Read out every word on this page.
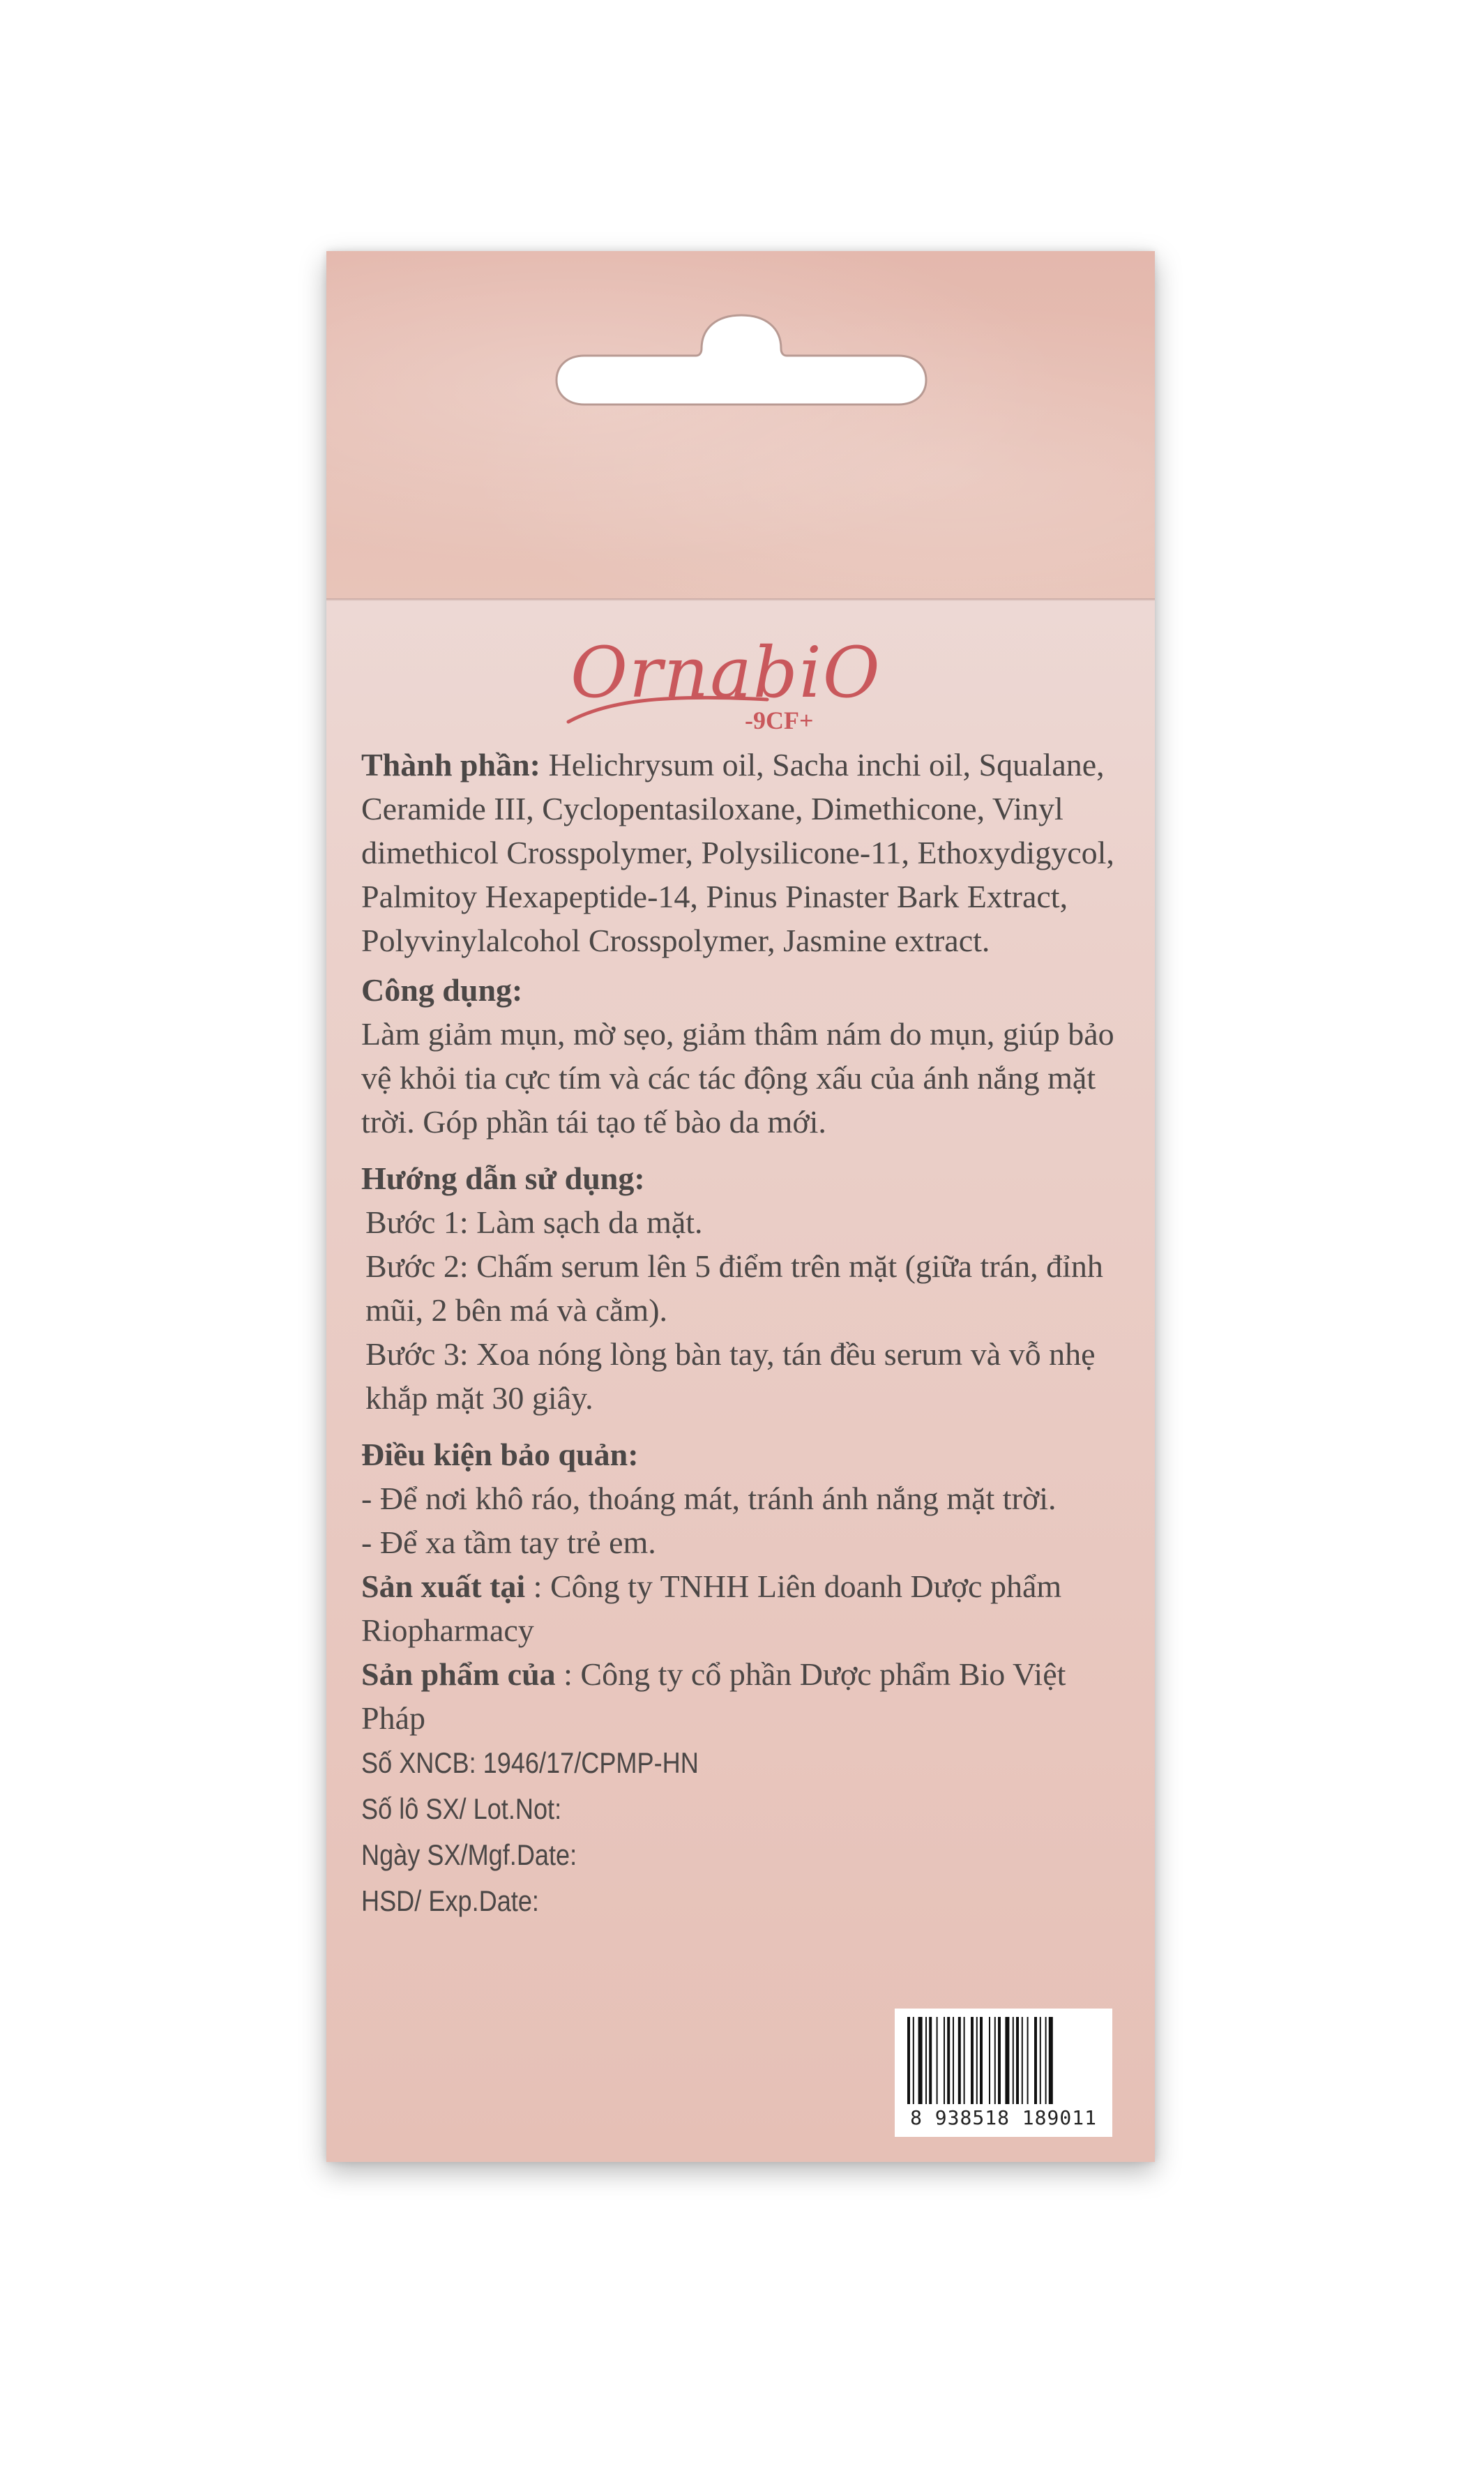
OrnabiO
-9CF+

Thành phần: Helichrysum oil, Sacha inchi oil, Squalane, Ceramide III, Cyclopentasiloxane, Dimethicone, Vinyl dimethicol Crosspolymer, Polysilicone-11, Ethoxydigycol, Palmitoy Hexapeptide-14, Pinus Pinaster Bark Extract, Polyvinylalcohol Crosspolymer, Jasmine extract.

Công dụng:

Làm giảm mụn, mờ sẹo, giảm thâm nám do mụn, giúp bảo vệ khỏi tia cực tím và các tác động xấu của ánh nắng mặt trời. Góp phần tái tạo tế bào da mới.

Hướng dẫn sử dụng:

Bước 1: Làm sạch da mặt.

Bước 2: Chấm serum lên 5 điểm trên mặt (giữa trán, đỉnh mũi, 2 bên má và cằm).

Bước 3: Xoa nóng lòng bàn tay, tán đều serum và vỗ nhẹ khắp mặt 30 giây.

Điều kiện bảo quản:

- Để nơi khô ráo, thoáng mát, tránh ánh nắng mặt trời.

- Để xa tầm tay trẻ em.

Sản xuất tại : Công ty TNHH Liên doanh Dược phẩm Riopharmacy

Sản phẩm của : Công ty cổ phần Dược phẩm Bio Việt Pháp

Số XNCB: 1946/17/CPMP-HN
Số lô SX/ Lot.Not:
Ngày SX/Mgf.Date:
HSD/ Exp.Date:
8 938518 189011
